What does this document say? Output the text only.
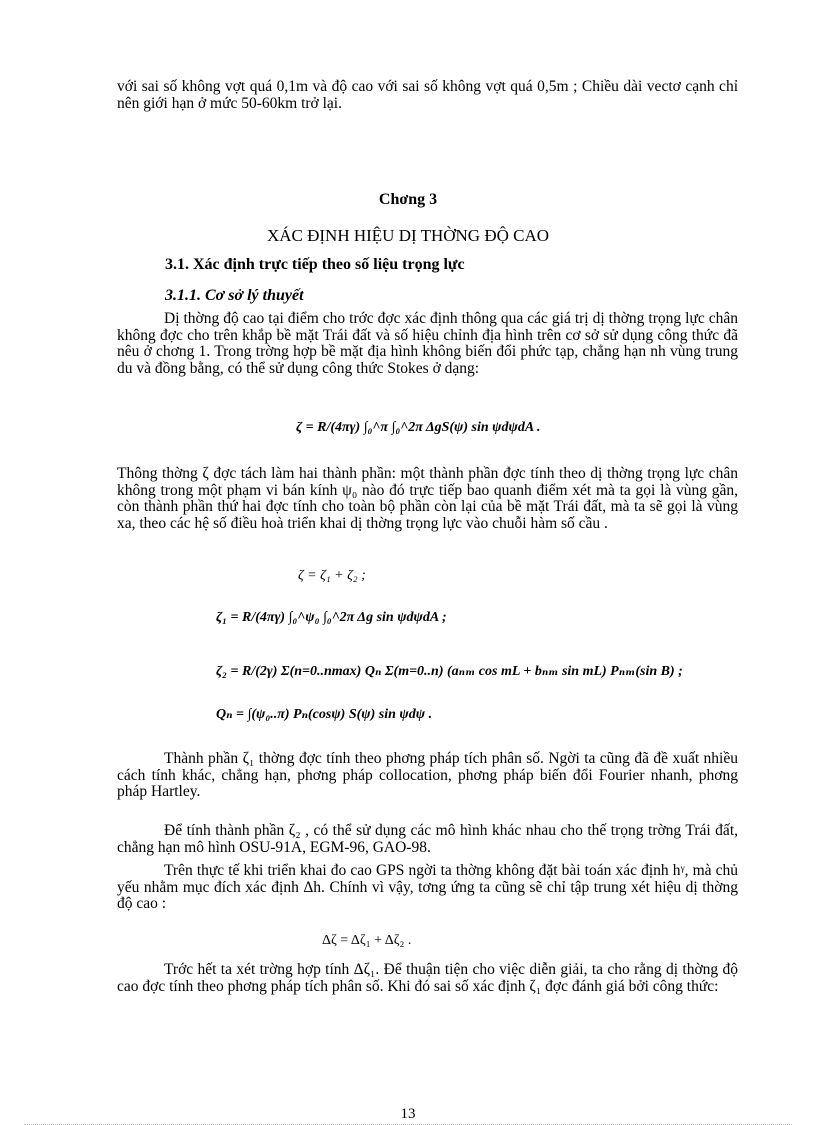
với sai số không vợt quá 0,1m và độ cao với sai số không vợt quá 0,5m ; Chiều dài vectơ cạnh chỉ nên giới hạn ở mức 50-60km trở lại.
Chơng 3
XÁC ĐỊNH HIỆU DỊ THỜNG ĐỘ CAO
3.1. Xác định trực tiếp theo số liệu trọng lực
3.1.1. Cơ sở lý thuyết
Dị thờng độ cao tại điểm cho trớc đợc xác định thông qua các giá trị dị thờng trọng lực chân không đợc cho trên khắp bề mặt Trái đất và số hiệu chỉnh địa hình trên cơ sở sử dụng công thức đã nêu ở chơng 1. Trong trờng hợp bề mặt địa hình không biến đổi phức tạp, chẳng hạn nh vùng trung du và đồng bằng, có thể sử dụng công thức Stokes ở dạng:
ζ = R/(4πγ) ∫₀^π ∫₀^2π ΔgS(ψ) sin ψdψdA .
Thông thờng ζ đợc tách làm hai thành phần: một thành phần đợc tính theo dị thờng trọng lực chân không trong một phạm vi bán kính ψ₀ nào đó trực tiếp bao quanh điểm xét mà ta gọi là vùng gần, còn thành phần thứ hai đợc tính cho toàn bộ phần còn lại của bề mặt Trái đất, mà ta sẽ gọi là vùng xa, theo các hệ số điều hoà triển khai dị thờng trọng lực vào chuỗi hàm số cầu .
ζ = ζ₁ + ζ₂ ;
ζ₁ = R/(4πγ) ∫₀^ψ₀ ∫₀^2π Δg sin ψdψdA ;
ζ₂ = R/(2γ) Σ(n=0..nmax) Qₙ Σ(m=0..n) (aₙₘ cos mL + bₙₘ sin mL) Pₙₘ(sin B) ;
Qₙ = ∫(ψ₀..π) Pₙ(cosψ) S(ψ) sin ψdψ .
Thành phần ζ₁ thờng đợc tính theo phơng pháp tích phân số. Ngời ta cũng đã đề xuất nhiều cách tính khác, chẳng hạn, phơng pháp collocation, phơng pháp biến đổi Fourier nhanh, phơng pháp Hartley.
Để tính thành phần ζ₂ , có thể sử dụng các mô hình khác nhau cho thế trọng trờng Trái đất, chẳng hạn mô hình OSU-91A, EGM-96, GAO-98.
Trên thực tế khi triển khai đo cao GPS ngời ta thờng không đặt bài toán xác định hᵞ, mà chủ yếu nhằm mục đích xác định Δh. Chính vì vậy, tơng ứng ta cũng sẽ chỉ tập trung xét hiệu dị thờng độ cao :
Δζ = Δζ₁ + Δζ₂ .
Trớc hết ta xét trờng hợp tính Δζ₁. Để thuận tiện cho việc diễn giải, ta cho rằng dị thờng độ cao đợc tính theo phơng pháp tích phân số. Khi đó sai số xác định ζ₁ đợc đánh giá bởi công thức:
13
